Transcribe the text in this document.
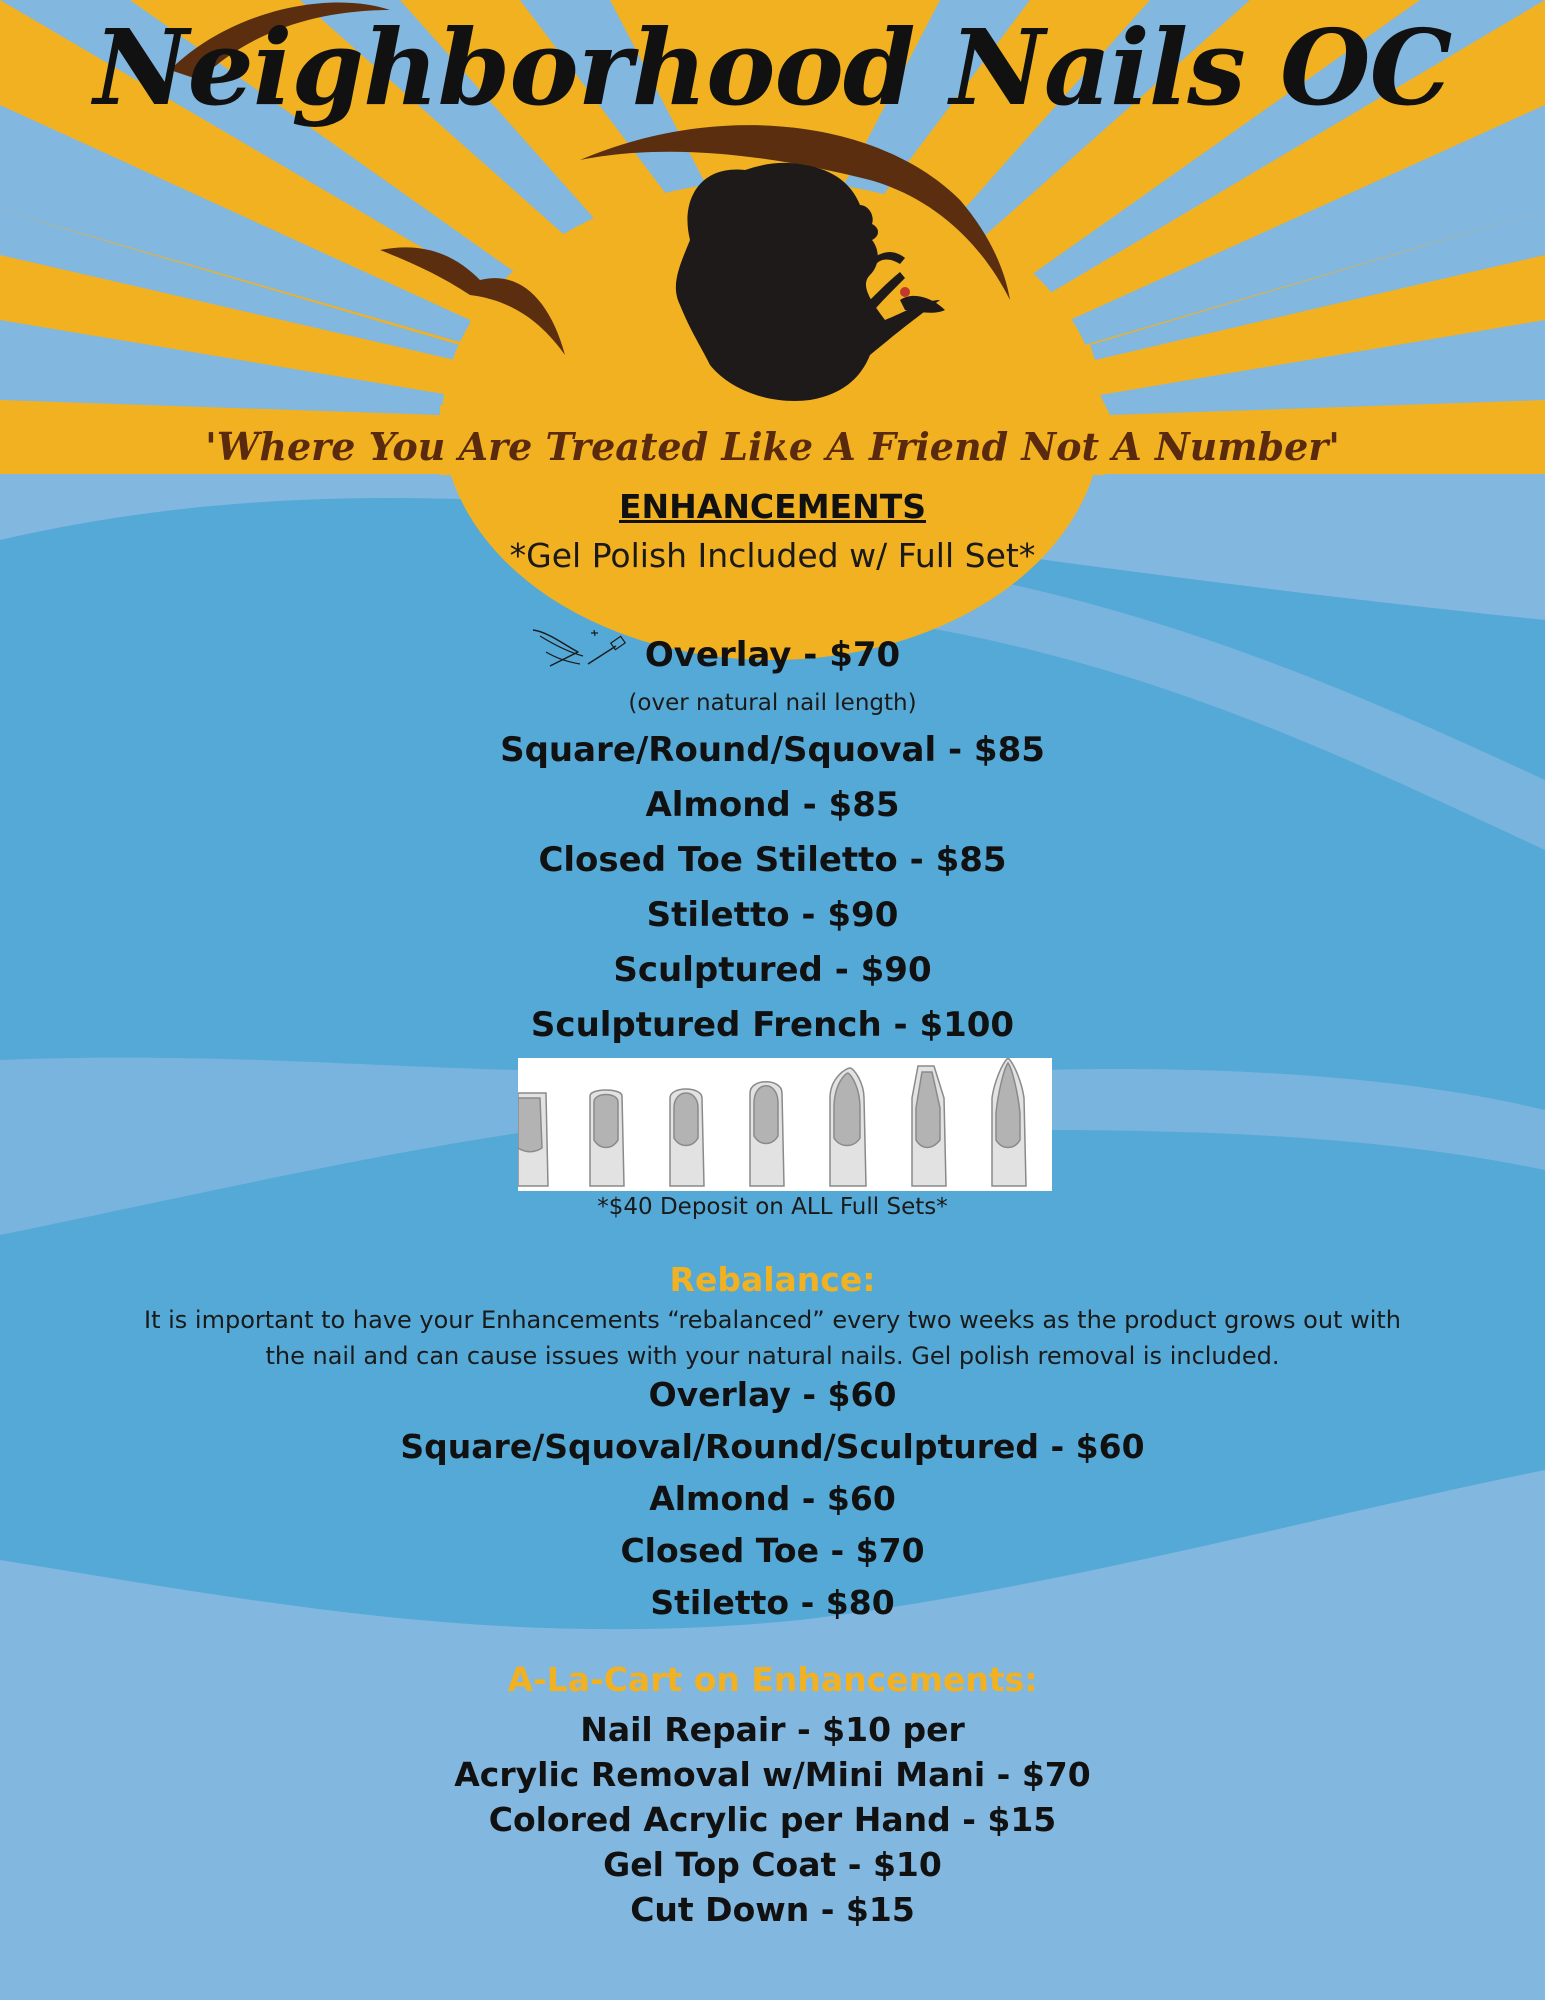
Neighborhood Nails OC
'Where You Are Treated Like A Friend Not A Number'
ENHANCEMENTS
*Gel Polish Included w/ Full Set*
Acrylic Full Sets:
Overlay - $70
(over natural nail length)
Square/Round/Squoval - $85
Almond - $85
Closed Toe Stiletto - $85
Stiletto - $90
Sculptured - $90
Sculptured French - $100
*$40 Deposit on ALL Full Sets*
Rebalance:
It is important to have your Enhancements “rebalanced” every two weeks as the product grows out with the nail and can cause issues with your natural nails. Gel polish removal is included.
Overlay - $60
Square/Squoval/Round/Sculptured - $60
Almond - $60
Closed Toe - $70
Stiletto - $80
A-La-Cart on Enhancements:
Nail Repair - $10 per
Acrylic Removal w/Mini Mani - $70
Colored Acrylic per Hand - $15
Gel Top Coat - $10
Cut Down - $15
